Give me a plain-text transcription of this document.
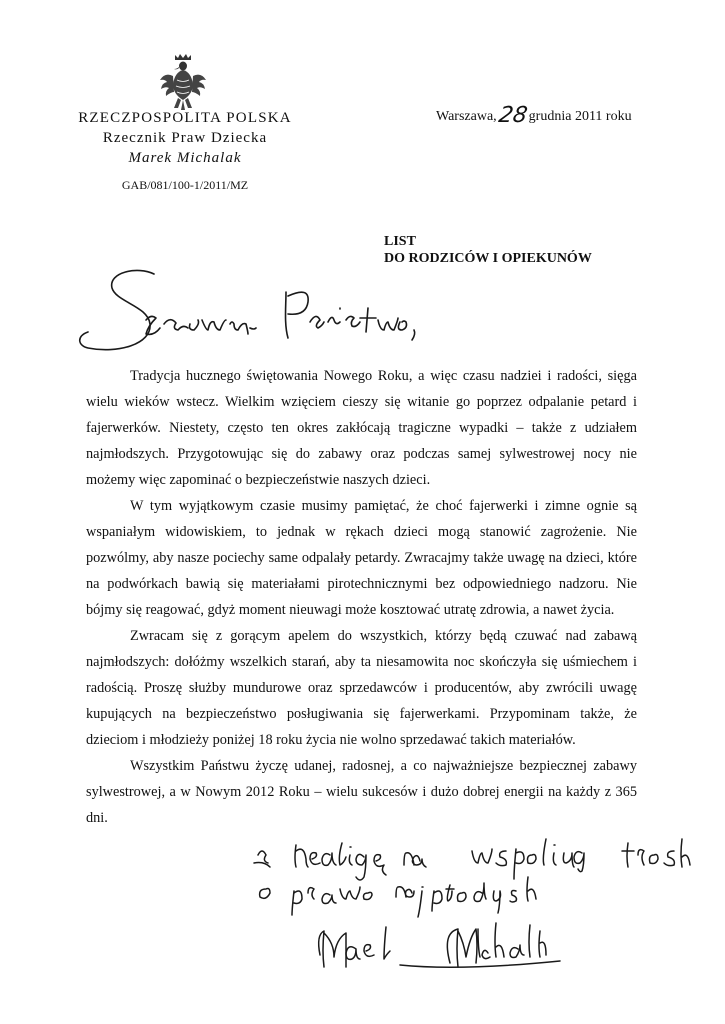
RZECZPOSPOLITA POLSKA
Rzecznik Praw Dziecka
Marek Michalak
GAB/081/100-1/2011/MZ
Warszawa,28grudnia 2011 roku
LIST
DO RODZICÓW I OPIEKUNÓW

Tradycja hucznego świętowania Nowego Roku, a więc czasu nadziei i radości, sięga wielu wieków wstecz. Wielkim wzięciem cieszy się witanie go poprzez odpalanie petard i fajerwerków. Niestety, często ten okres zakłócają tragiczne wypadki – także z udziałem najmłodszych. Przygotowując się do zabawy oraz podczas samej sylwestrowej nocy nie możemy więc zapominać o bezpieczeństwie naszych dzieci.

W tym wyjątkowym czasie musimy pamiętać, że choć fajerwerki i zimne ognie są wspaniałym widowiskiem, to jednak w rękach dzieci mogą stanowić zagrożenie. Nie pozwólmy, aby nasze pociechy same odpalały petardy. Zwracajmy także uwagę na dzieci, które na podwórkach bawią się materiałami pirotechnicznymi bez odpowiedniego nadzoru. Nie bójmy się reagować, gdyż moment nieuwagi może kosztować utratę zdrowia, a nawet życia.

Zwracam się z gorącym apelem do wszystkich, którzy będą czuwać nad zabawą najmłodszych: dołóżmy wszelkich starań, aby ta niesamowita noc skończyła się uśmiechem i radością. Proszę służby mundurowe oraz sprzedawców i producentów, aby zwrócili uwagę kupujących na bezpieczeństwo posługiwania się fajerwerkami. Przypominam także, że dzieciom i młodzieży poniżej 18 roku życia nie wolno sprzedawać takich materiałów.

Wszystkim Państwu życzę udanej, radosnej, a co najważniejsze bezpiecznej zabawy sylwestrowej, a w Nowym 2012 Roku – wielu sukcesów i dużo dobrej energii na każdy z 365 dni.
